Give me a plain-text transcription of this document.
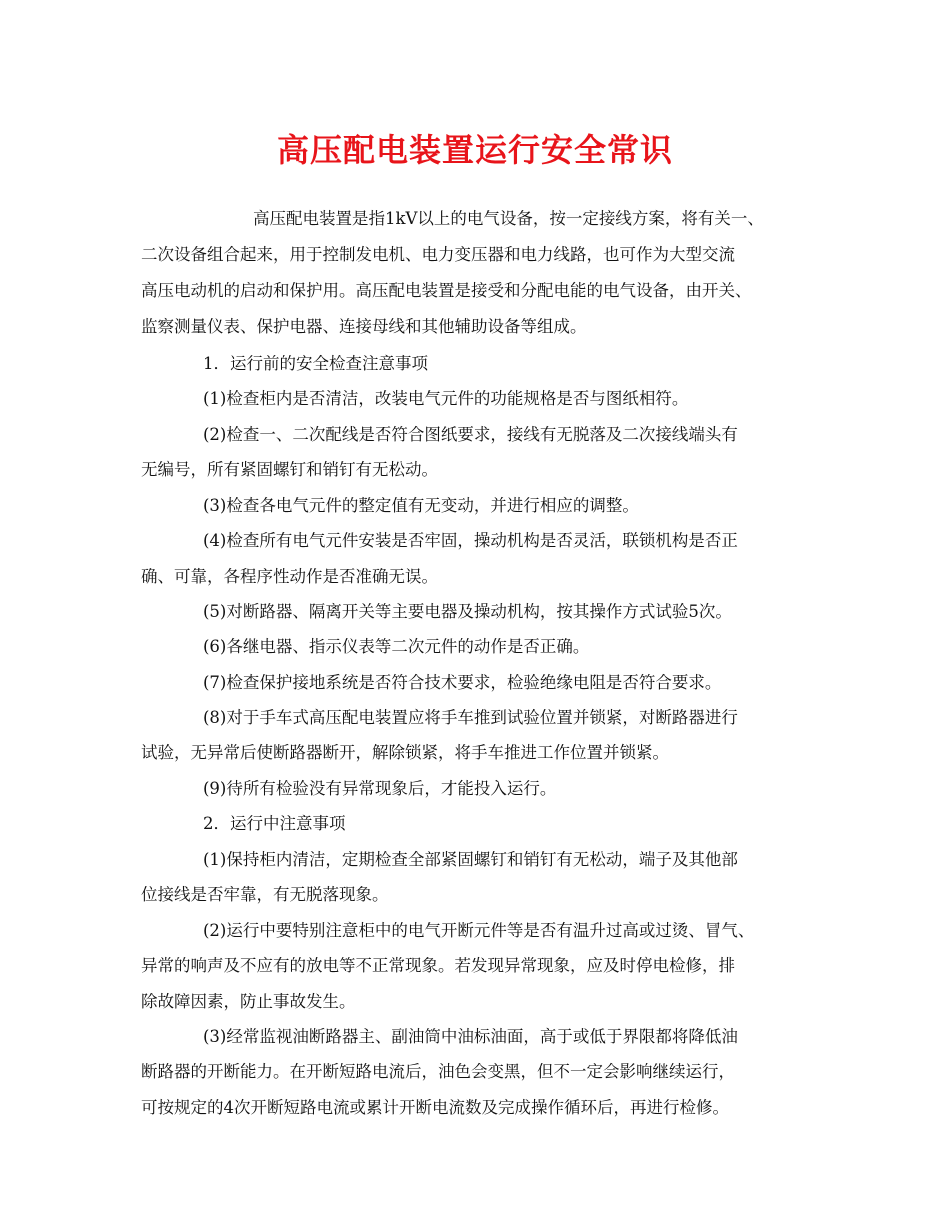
高压配电装置运行安全常识
高压配电装置是指1kV以上的电气设备，按一定接线方案，将有关一、
二次设备组合起来，用于控制发电机、电力变压器和电力线路，也可作为大型交流
高压电动机的启动和保护用。高压配电装置是接受和分配电能的电气设备，由开关、
监察测量仪表、保护电器、连接母线和其他辅助设备等组成。
1．运行前的安全检查注意事项
(1)检查柜内是否清洁，改装电气元件的功能规格是否与图纸相符。
(2)检查一、二次配线是否符合图纸要求，接线有无脱落及二次接线端头有
无编号，所有紧固螺钉和销钉有无松动。
(3)检查各电气元件的整定值有无变动，并进行相应的调整。
(4)检查所有电气元件安装是否牢固，操动机构是否灵活，联锁机构是否正
确、可靠，各程序性动作是否准确无误。
(5)对断路器、隔离开关等主要电器及操动机构，按其操作方式试验5次。
(6)各继电器、指示仪表等二次元件的动作是否正确。
(7)检查保护接地系统是否符合技术要求，检验绝缘电阻是否符合要求。
(8)对于手车式高压配电装置应将手车推到试验位置并锁紧，对断路器进行
试验，无异常后使断路器断开，解除锁紧，将手车推进工作位置并锁紧。
(9)待所有检验没有异常现象后，才能投入运行。
2．运行中注意事项
(1)保持柜内清洁，定期检查全部紧固螺钉和销钉有无松动，端子及其他部
位接线是否牢靠，有无脱落现象。
(2)运行中要特别注意柜中的电气开断元件等是否有温升过高或过烫、冒气、
异常的响声及不应有的放电等不正常现象。若发现异常现象，应及时停电检修，排
除故障因素，防止事故发生。
(3)经常监视油断路器主、副油筒中油标油面，高于或低于界限都将降低油
断路器的开断能力。在开断短路电流后，油色会变黑，但不一定会影响继续运行，
可按规定的4次开断短路电流或累计开断电流数及完成操作循环后，再进行检修。
